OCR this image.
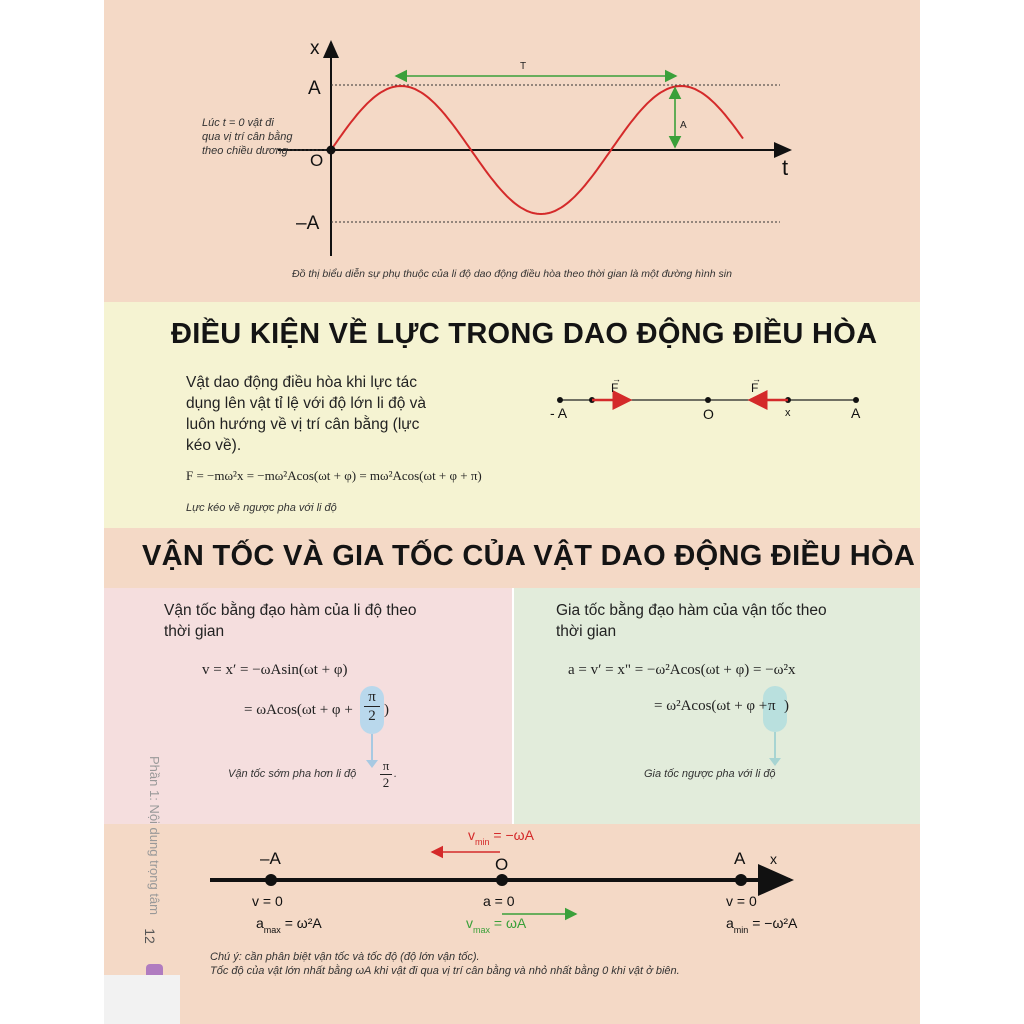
x
t
A
O
–A
T
A
Lúc t = 0 vật đi qua vị trí cân bằng theo chiều dương
Đồ thị biểu diễn sự phụ thuộc của li độ dao động điều hòa theo thời gian là một đường hình sin
ĐIỀU KIỆN VỀ LỰC TRONG DAO ĐỘNG ĐIỀU HÒA
Vật dao động điều hòa khi lực tác dụng lên vật tỉ lệ với độ lớn li độ và luôn hướng về vị trí cân bằng (lực kéo về).
F = −mω²x = −mω²Acos(ωt + φ) = mω²Acos(ωt + φ + π)
Lực kéo về ngược pha với li độ
F
→
F
→
- A	O	x	A
VẬN TỐC VÀ GIA TỐC CỦA VẬT DAO ĐỘNG ĐIỀU HÒA
Vận tốc bằng đạo hàm của li độ theo thời gian
v = x′ = −ωAsin(ωt + φ)
= ωAcos(ωt + φ +
π
2 )
Vận tốc sớm pha hơn li độ
π
2
.
Gia tốc bằng đạo hàm của vận tốc theo thời gian
a = v′ = x" = −ω²Acos(ωt + φ) = −ω²x
= ω²Acos(ωt + φ + π )
Gia tốc ngược pha với li độ
–A	O	A x
$v_{min} = -\omega A$
$v_{max} = \omega A$
v = 0
$a_{max} = \omega^2A$
a = 0	v = 0
$a_{min} = -\omega^2A$
Chú ý: cần phân biệt vận tốc và tốc độ (độ lớn vận tốc).
Tốc độ của vật lớn nhất bằng ωA khi vật đi qua vị trí cân bằng và nhỏ nhất bằng 0 khi vật ở biên.
Phần 1: Nội dung trọng tâm
12
